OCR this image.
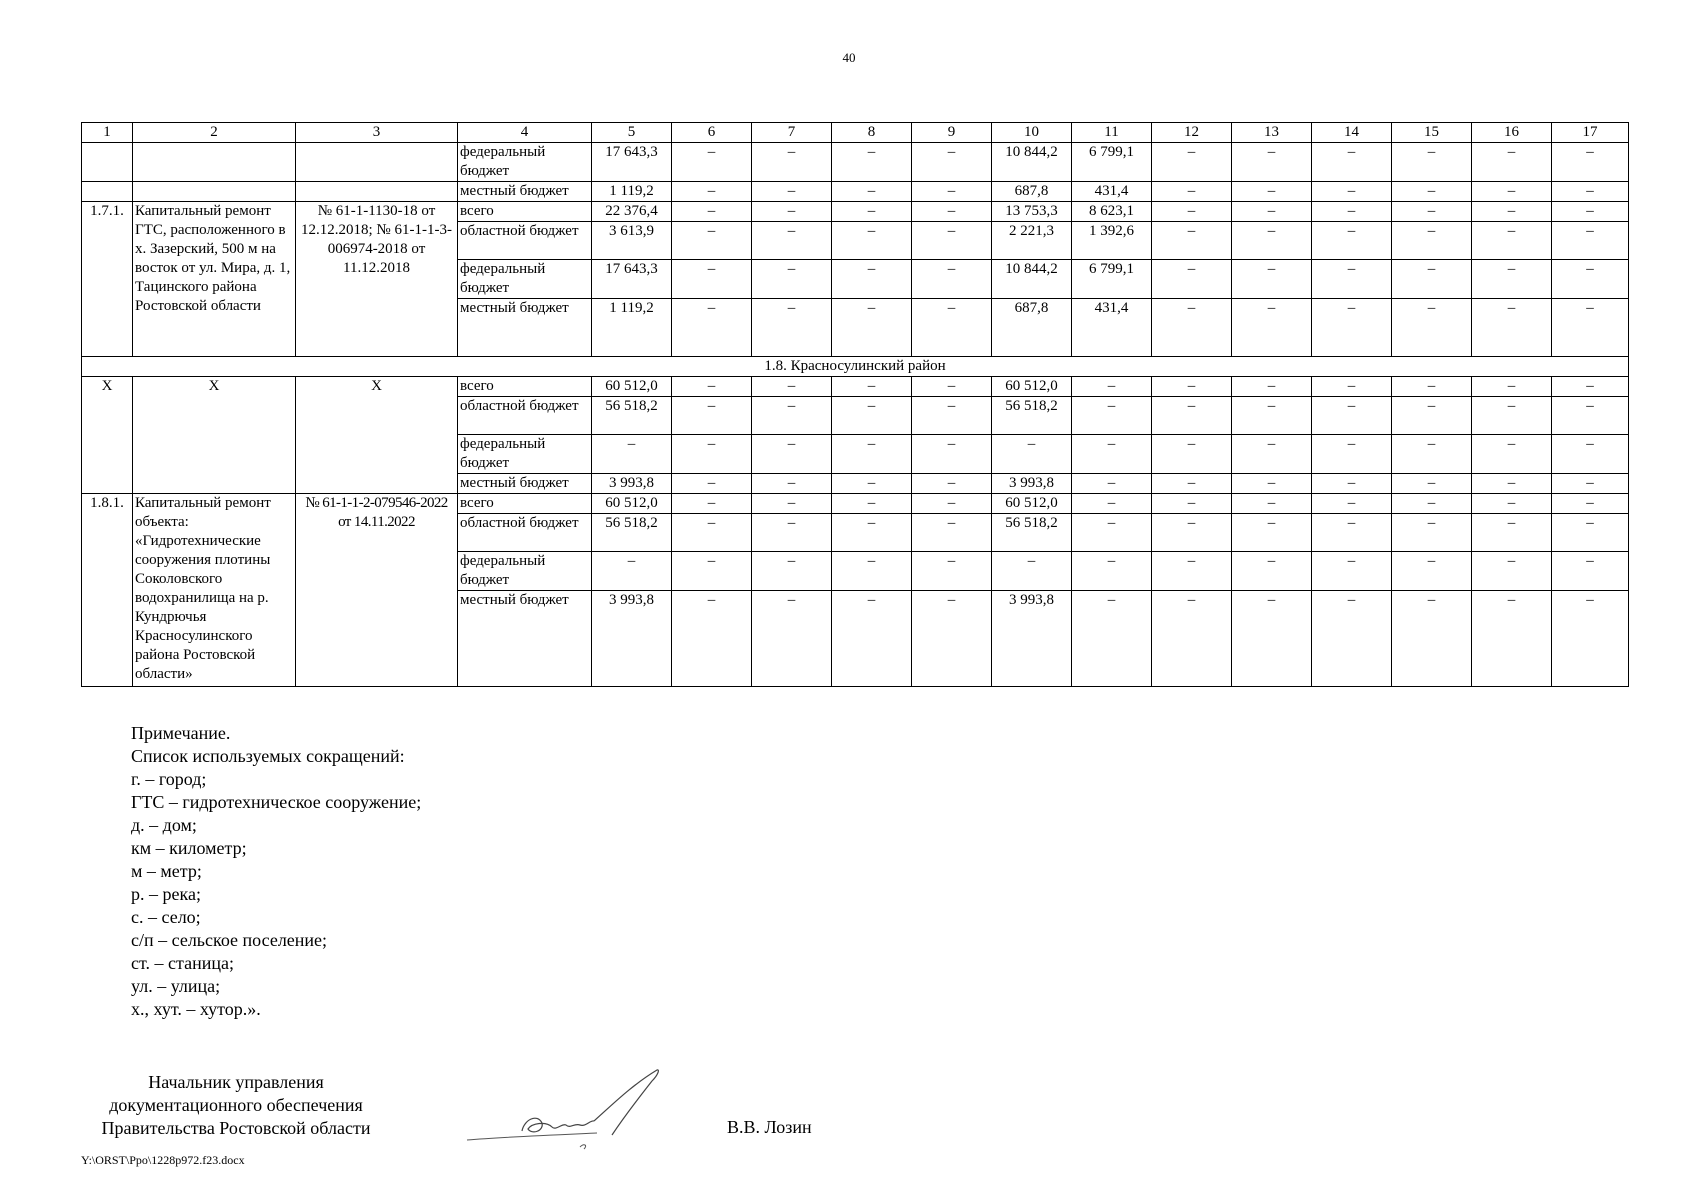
40
1	2	3	4	5	6	7	8	9	10	11	12	13	14	15	16	17
			федеральный бюджет	17 643,3	–	–	–	–	10 844,2	6 799,1	–	–	–	–	–	–
			местный бюджет	1 119,2	–	–	–	–	687,8	431,4	–	–	–	–	–	–
1.7.1.	Капитальный ремонт ГТС, расположенного в х. Зазерский, 500 м на восток от ул. Мира, д. 1, Тацинского района Ростовской области	№ 61-1-1130-18 от 12.12.2018; № 61-1-1-3-006974-2018 от 11.12.2018	всего	22 376,4	–	–	–	–	13 753,3	8 623,1	–	–	–	–	–	–
			областной бюджет	3 613,9	–	–	–	–	2 221,3	1 392,6	–	–	–	–	–	–
			федеральный бюджет	17 643,3	–	–	–	–	10 844,2	6 799,1	–	–	–	–	–	–
			местный бюджет	1 119,2	–	–	–	–	687,8	431,4	–	–	–	–	–	–
1.8. Красносулинский район																
Х	Х	Х	всего	60 512,0	–	–	–	–	60 512,0	–	–	–	–	–	–	–
			областной бюджет	56 518,2	–	–	–	–	56 518,2	–	–	–	–	–	–	–
			федеральный бюджет	–	–	–	–	–	–	–	–	–	–	–	–	–
			местный бюджет	3 993,8	–	–	–	–	3 993,8	–	–	–	–	–	–	–
1.8.1.	Капитальный ремонт объекта: «Гидротехнические сооружения плотины Соколовского водохранилища на р. Кундрючья Красносулинского района Ростовской области»	№ 61-1-1-2-079546-2022 от 14.11.2022	всего	60 512,0	–	–	–	–	60 512,0	–	–	–	–	–	–	–
			областной бюджет	56 518,2	–	–	–	–	56 518,2	–	–	–	–	–	–	–
			федеральный бюджет	–	–	–	–	–	–	–	–	–	–	–	–	–
			местный бюджет	3 993,8	–	–	–	–	3 993,8	–	–	–	–	–	–	–
Примечание.
Список используемых сокращений:
г. – город;
ГТС – гидротехническое сооружение;
д. – дом;
км – километр;
м – метр;
р. – река;
с. – село;
с/п – сельское поселение;
ст. – станица;
ул. – улица;
х., хут. – хутор.».
Начальник управления
документационного обеспечения
Правительства Ростовской области	В.В. Лозин
Y:\ORST\Ppo\1228p972.f23.docx
